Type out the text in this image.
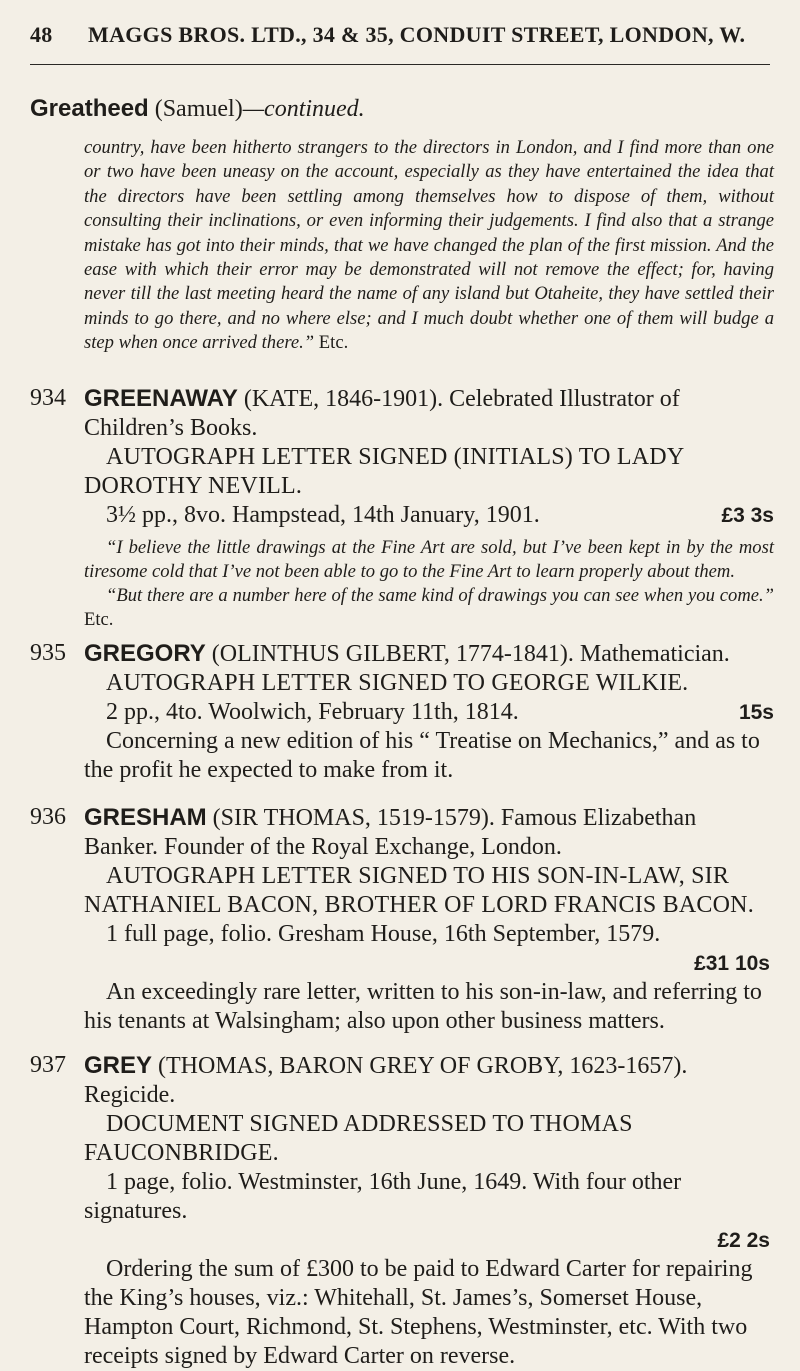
48 MAGGS BROS. LTD., 34 & 35, CONDUIT STREET, LONDON, W.
Greatheed (Samuel)—continued.
country, have been hitherto strangers to the directors in London, and I find more than one or two have been uneasy on the account, especially as they have entertained the idea that the directors have been settling among themselves how to dispose of them, without consulting their inclinations, or even informing their judgements. I find also that a strange mistake has got into their minds, that we have changed the plan of the first mission. And the ease with which their error may be demonstrated will not remove the effect; for, having never till the last meeting heard the name of any island but Otaheite, they have settled their minds to go there, and no where else; and I much doubt whether one of them will budge a step when once arrived there.” Etc.
934 GREENAWAY (KATE, 1846-1901). Celebrated Illustrator of Children’s Books.
AUTOGRAPH LETTER SIGNED (INITIALS) TO LADY DOROTHY NEVILL.
3½ pp., 8vo. Hampstead, 14th January, 1901.	£3 3s
“I believe the little drawings at the Fine Art are sold, but I’ve been kept in by the most tiresome cold that I’ve not been able to go to the Fine Art to learn properly about them.
“But there are a number here of the same kind of drawings you can see when you come.” Etc.
935 GREGORY (OLINTHUS GILBERT, 1774-1841). Mathematician.
AUTOGRAPH LETTER SIGNED TO GEORGE WILKIE.
2 pp., 4to. Woolwich, February 11th, 1814.	15s
Concerning a new edition of his “ Treatise on Mechanics,” and as to the profit he expected to make from it.
936 GRESHAM (SIR THOMAS, 1519-1579). Famous Elizabethan Banker. Founder of the Royal Exchange, London.
AUTOGRAPH LETTER SIGNED TO HIS SON-IN-LAW, SIR NATHANIEL BACON, BROTHER OF LORD FRANCIS BACON.
1 full page, folio. Gresham House, 16th September, 1579.
£31 10s
An exceedingly rare letter, written to his son-in-law, and referring to his tenants at Walsingham; also upon other business matters.
937 GREY (THOMAS, BARON GREY OF GROBY, 1623-1657). Regicide.
DOCUMENT SIGNED ADDRESSED TO THOMAS FAUCONBRIDGE.
1 page, folio. Westminster, 16th June, 1649. With four other signatures.
£2 2s
Ordering the sum of £300 to be paid to Edward Carter for repairing the King’s houses, viz.: Whitehall, St. James’s, Somerset House, Hampton Court, Richmond, St. Stephens, Westminster, etc. With two receipts signed by Edward Carter on reverse.
